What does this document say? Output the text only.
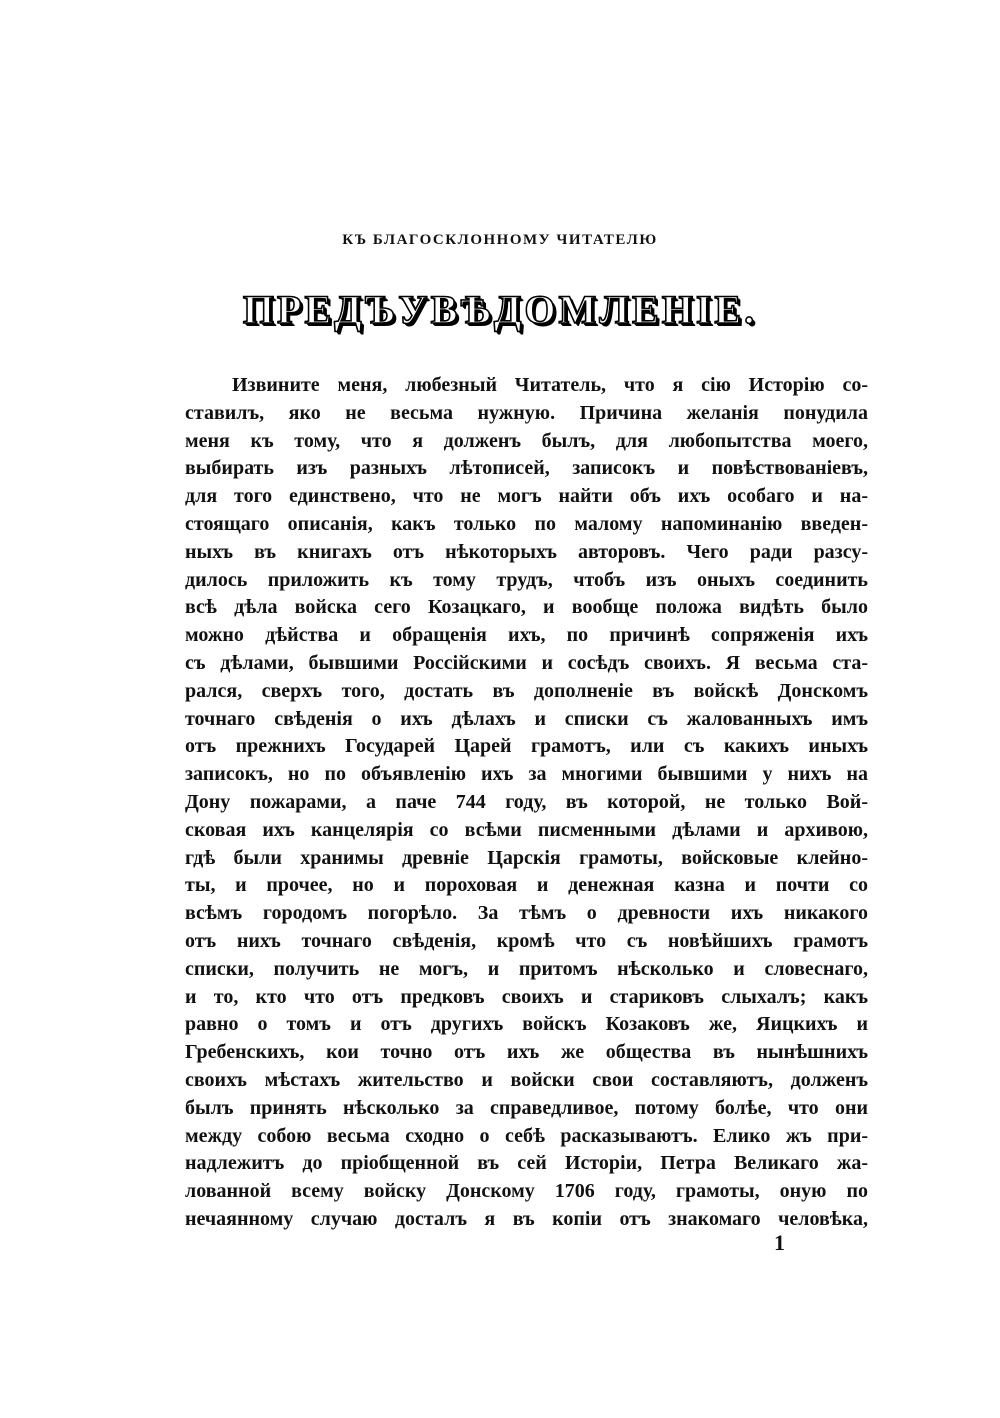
КЪ БЛАГОСКЛОННОМУ ЧИТАТЕЛЮ
ПРЕДЪУВѢДОМЛЕНІЕ.
Извините меня, любезный Читатель, что я сію Исторію со-
ставилъ, яко не весьма нужную. Причина желанія понудила
меня къ тому, что я долженъ былъ, для любопытства моего,
выбирать изъ разныхъ лѣтописей, записокъ и повѣствованіевъ,
для того единствено, что не могъ найти объ ихъ особаго и на-
стоящаго описанія, какъ только по малому напоминанію введен-
ныхъ въ книгахъ отъ нѣкоторыхъ авторовъ. Чего ради разсу-
дилось приложить къ тому трудъ, чтобъ изъ оныхъ соединить
всѣ дѣла войска сего Козацкаго, и вообще положа видѣть было
можно дѣйства и обращенія ихъ, по причинѣ сопряженія ихъ
съ дѣлами, бывшими Россійскими и сосѣдъ своихъ. Я весьма ста-
рался, сверхъ того, достать въ дополненіе въ войскѣ Донскомъ
точнаго свѣденія о ихъ дѣлахъ и списки съ жалованныхъ имъ
отъ прежнихъ Государей Царей грамотъ, или съ какихъ иныхъ
записокъ, но по объявленію ихъ за многими бывшими у нихъ на
Дону пожарами, а паче 744 году, въ которой, не только Вой-
сковая ихъ канцелярія со всѣми писменными дѣлами и архивою,
гдѣ были хранимы древніе Царскія грамоты, войсковые клейно-
ты, и прочее, но и пороховая и денежная казна и почти со
всѣмъ городомъ погорѣло. За тѣмъ о древности ихъ никакого
отъ нихъ точнаго свѣденія, кромѣ что съ новѣйшихъ грамотъ
списки, получить не могъ, и притомъ нѣсколько и словеснаго,
и то, кто что отъ предковъ своихъ и стариковъ слыхалъ; какъ
равно о томъ и отъ другихъ войскъ Козаковъ же, Яицкихъ и
Гребенскихъ, кои точно отъ ихъ же общества въ нынѣшнихъ
своихъ мѣстахъ жительство и войски свои составляютъ, долженъ
былъ принять нѣсколько за справедливое, потому болѣе, что они
между собою весьма сходно о себѣ расказываютъ. Елико жъ при-
надлежитъ до пріобщенной въ сей Исторіи, Петра Великаго жа-
лованной всему войску Донскому 1706 году, грамоты, оную по
нечаянному случаю досталъ я въ копіи отъ знакомаго человѣка,
1
